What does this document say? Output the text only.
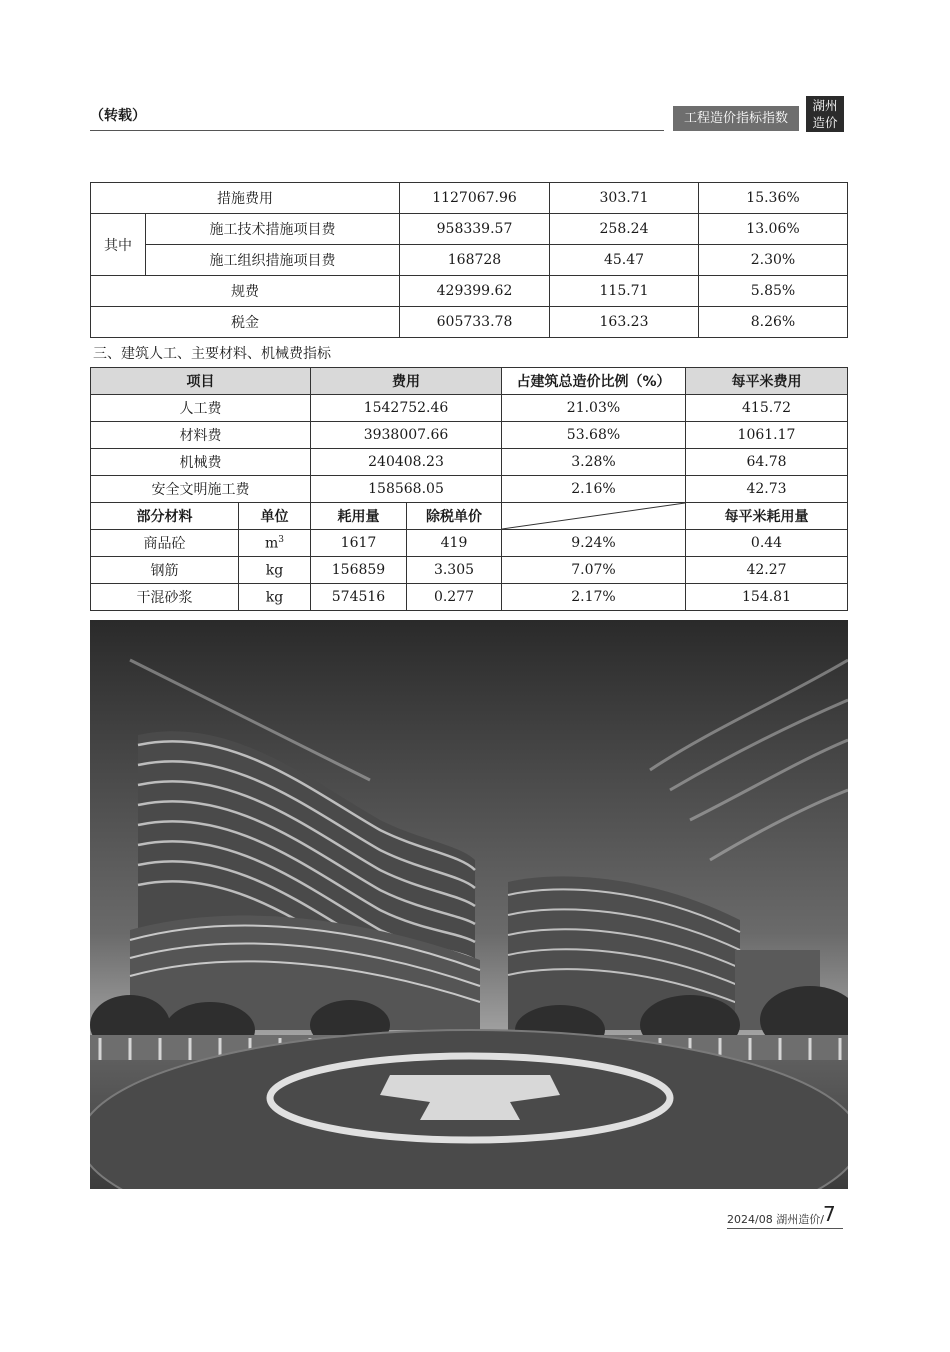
（转载）	工程造价指标指数
湖州
造价
措施费用		1127067.96	303.71	15.36%
其中	施工技术措施项目费	958339.57	258.24	13.06%
	施工组织措施项目费	168728	45.47	2.30%
规费		429399.62	115.71	5.85%
税金		605733.78	163.23	8.26%
三、建筑人工、主要材料、机械费指标
项目		费用		占建筑总造价比例（%）	每平米费用
人工费		1542752.46		21.03%	415.72
材料费		3938007.66		53.68%	1061.17
机械费		240408.23		3.28%	64.78
安全文明施工费		158568.05		2.16%	42.73
部分材料	单位	耗用量	除税单价		每平米耗用量
商品砼	$m^3$	1617	419	9.24%	0.44
钢筋	kg	156859	3.305	7.07%	42.27
干混砂浆	kg	574516	0.277	2.17%	154.81
2024/08 湖州造价/ 7
